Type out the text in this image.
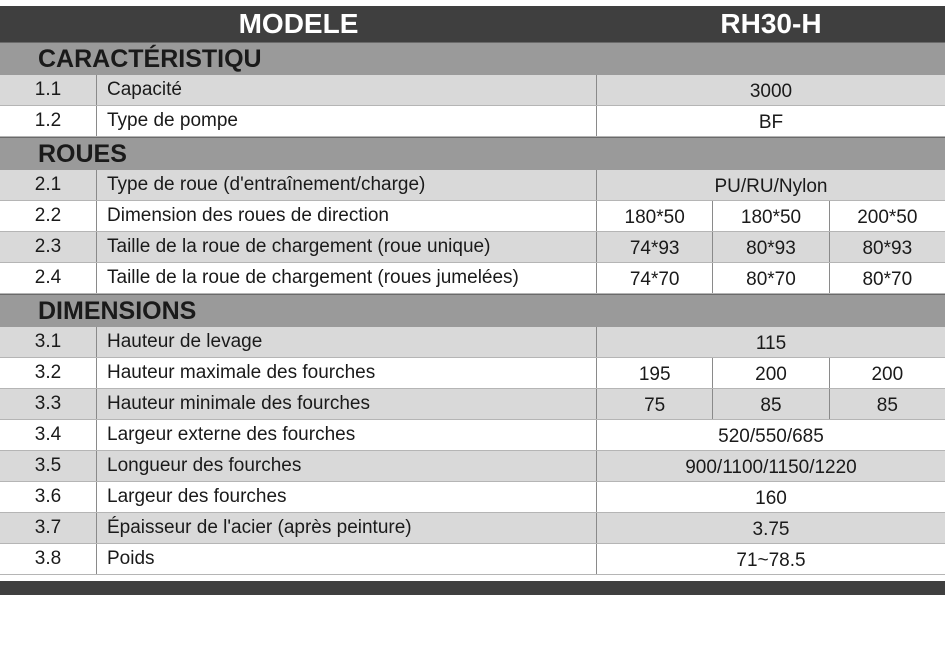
MODELE	RH30-H
CARACTÉRISTIQU
1.1	Capacité	3000
1.2	Type de pompe	BF
ROUES
2.1	Type de roue (d'entraînement/charge)	PU/RU/Nylon
2.2	Dimension des roues de direction	180*50	180*50	200*50
2.3	Taille de la roue de chargement (roue unique)	74*93	80*93	80*93
2.4	Taille de la roue de chargement (roues jumelées)	74*70	80*70	80*70
DIMENSIONS
3.1	Hauteur de levage	115
3.2	Hauteur maximale des fourches	195	200	200
3.3	Hauteur minimale des fourches	75	85	85
3.4	Largeur externe des fourches	520/550/685
3.5	Longueur des fourches	900/1100/1150/1220
3.6	Largeur des fourches	160
3.7	Épaisseur de l'acier (après peinture)	3.75
3.8	Poids	71~78.5
